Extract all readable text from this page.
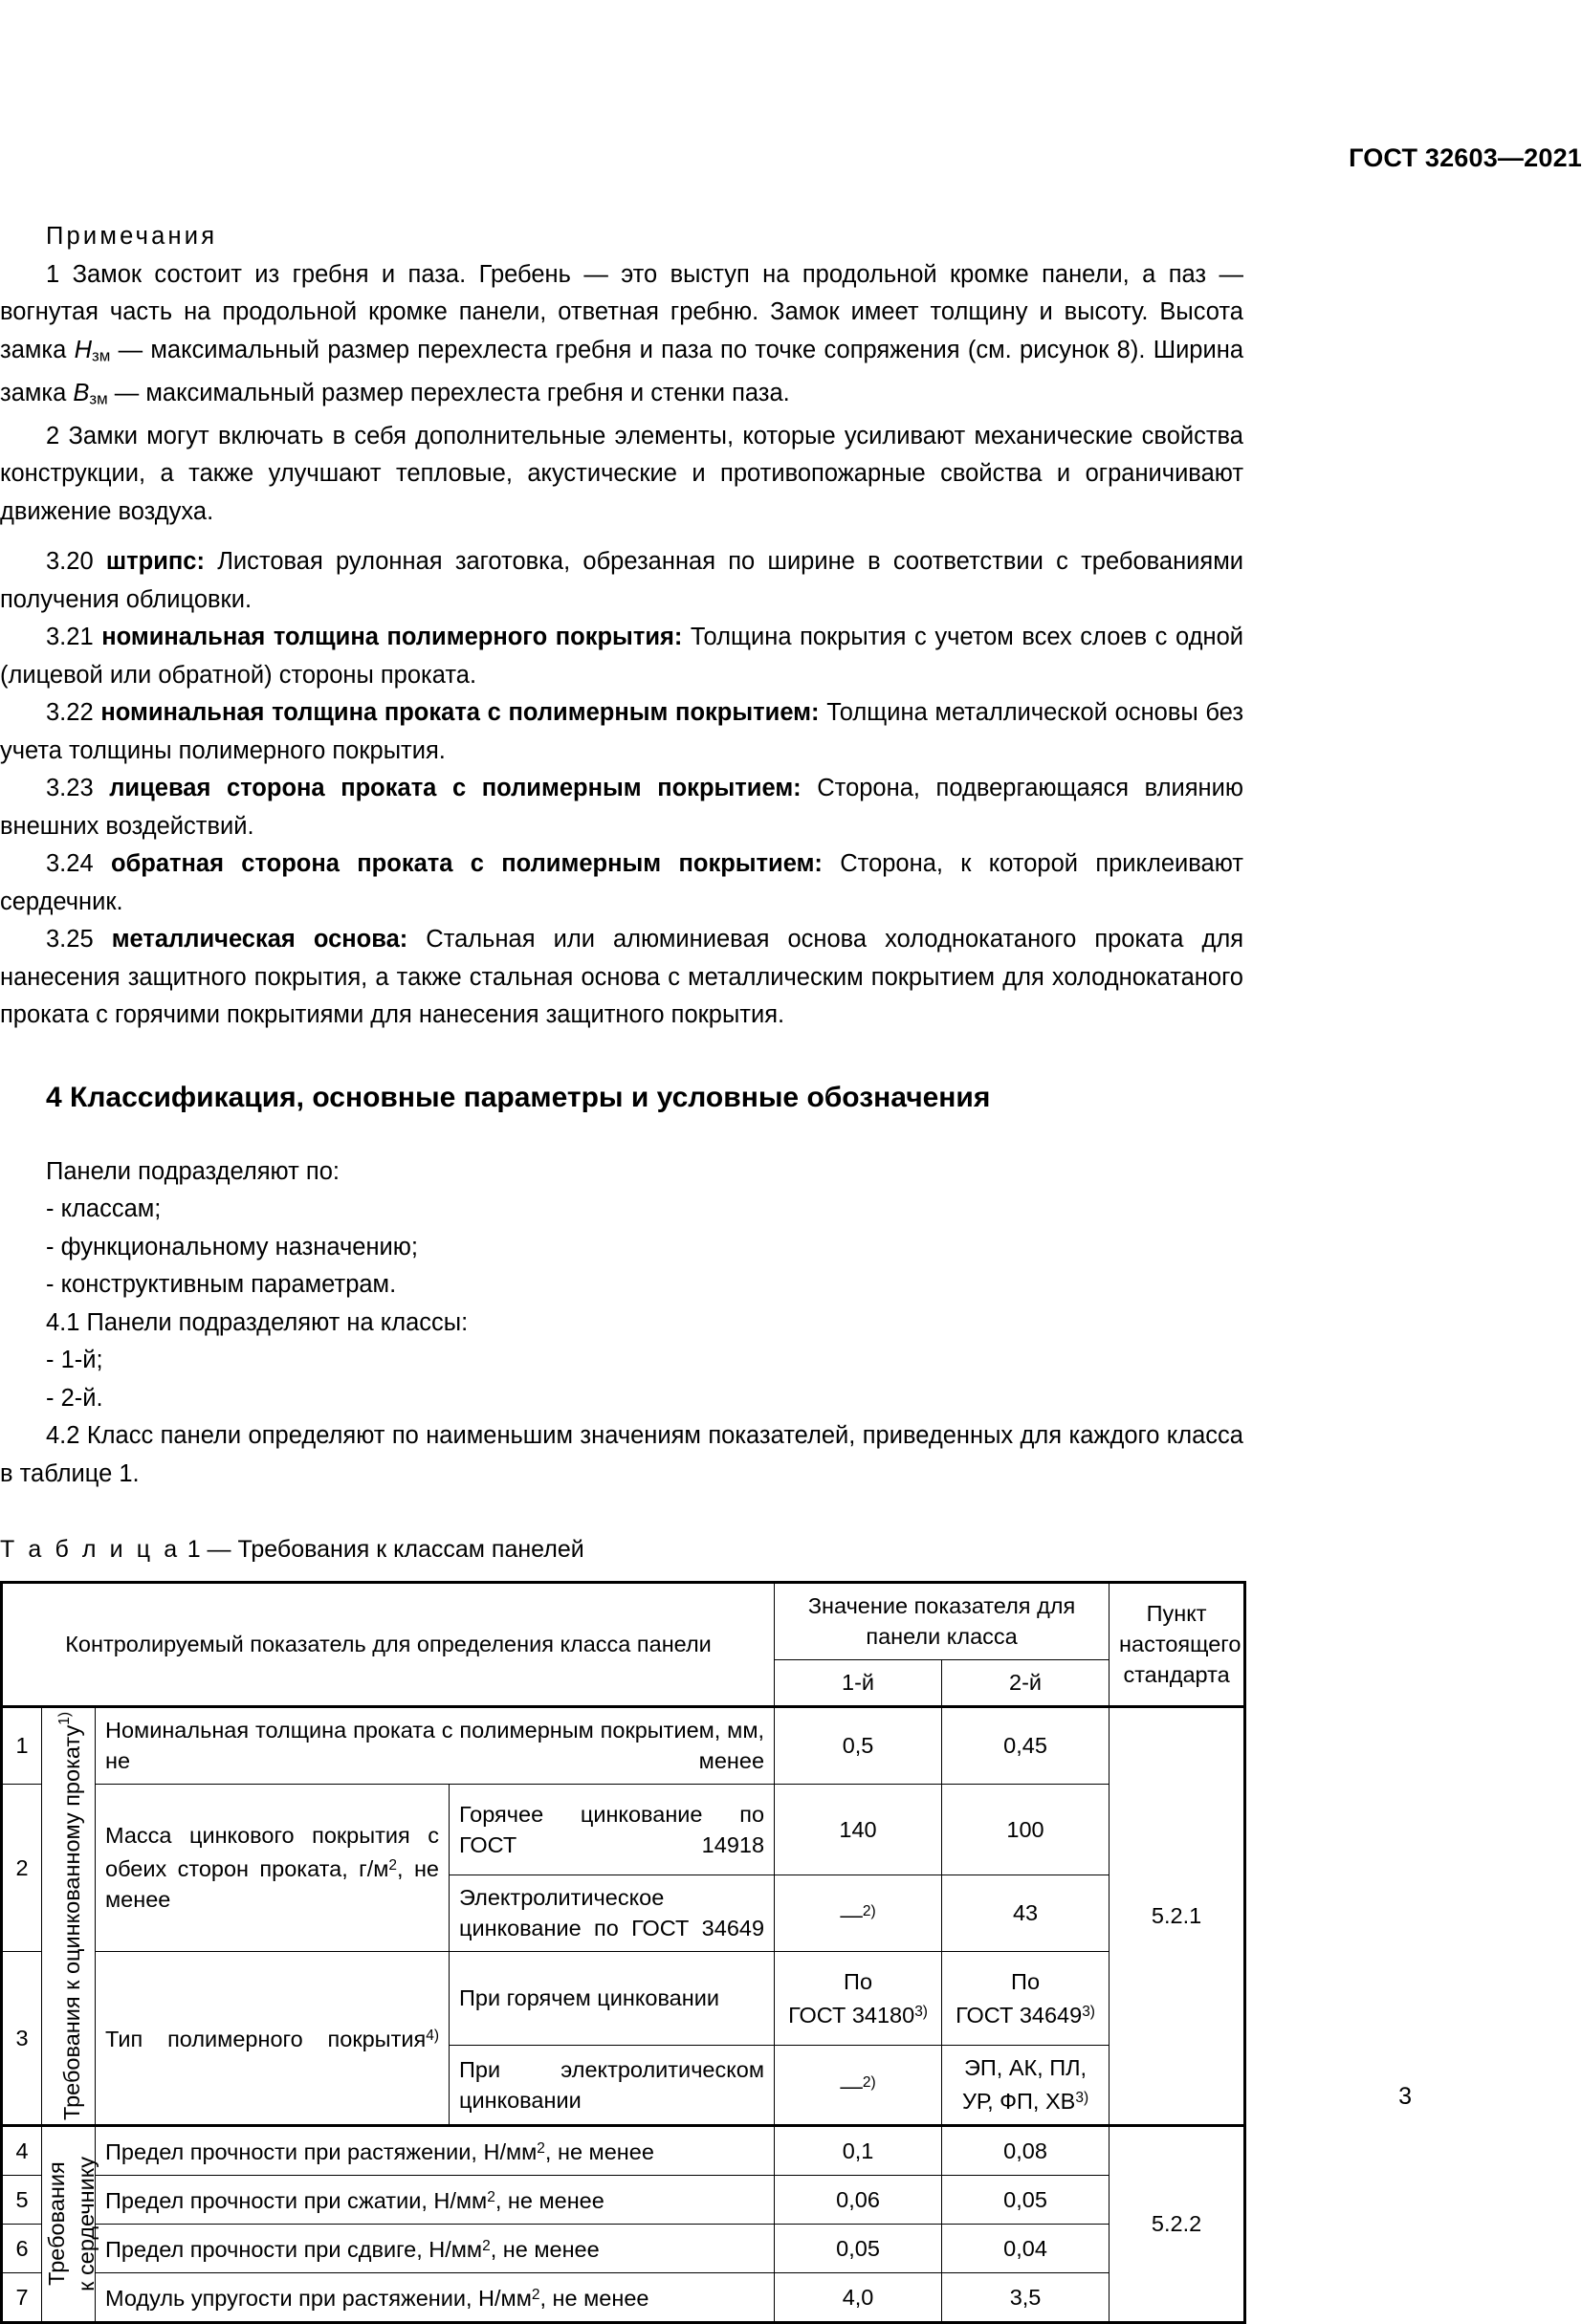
ГОСТ 32603—2021

Примечания

1 Замок состоит из гребня и паза. Гребень — это выступ на продольной кромке панели, а паз — вогнутая часть на продольной кромке панели, ответная гребню. Замок имеет толщину и высоту. Высота замка $H_{зм}$ — максимальный размер перехлеста гребня и паза по точке сопряжения (см. рисунок 8). Ширина замка $B_{зм}$ — максимальный размер перехлеста гребня и стенки паза.

2 Замки могут включать в себя дополнительные элементы, которые усиливают механические свойства конструкции, а также улучшают тепловые, акустические и противопожарные свойства и ограничивают движение воздуха.

3.20 штрипс: Листовая рулонная заготовка, обрезанная по ширине в соответствии с требованиями получения облицовки.

3.21 номинальная толщина полимерного покрытия: Толщина покрытия с учетом всех слоев с одной (лицевой или обратной) стороны проката.

3.22 номинальная толщина проката с полимерным покрытием: Толщина металлической основы без учета толщины полимерного покрытия.

3.23 лицевая сторона проката с полимерным покрытием: Сторона, подвергающаяся влиянию внешних воздействий.

3.24 обратная сторона проката с полимерным покрытием: Сторона, к которой приклеивают сердечник.

3.25 металлическая основа: Стальная или алюминиевая основа холоднокатаного проката для нанесения защитного покрытия, а также стальная основа с металлическим покрытием для холоднокатаного проката с горячими покрытиями для нанесения защитного покрытия.

4 Классификация, основные параметры и условные обозначения

Панели подразделяют по:

- классам;

- функциональному назначению;

- конструктивным параметрам.

4.1 Панели подразделяют на классы:

- 1-й;

- 2-й.

4.2 Класс панели определяют по наименьшим значениям показателей, приведенных для каждого класса в таблице 1.

Т а б л и ц а 1 — Требования к классам панелей
Контролируемый показатель для определения класса панели				Значение показателя для панели класса		Пункт настоящего стандарта

				1-й	2-й	

1	Требования к оцинкованному прокату$^{1)}$	Номинальная толщина проката с полимерным покрытием, мм, не менее		0,5	0,45	5.2.1

2		Масса цинкового покрытия с обеих сторон проката, $г/м^2$, не менее	Горячее цинкование по ГОСТ 14918	140	100	

			Электролитическое цинкование по ГОСТ 34649	—$^{2)}$	43	

3		Тип полимерного покрытия$^{4)}$	При горячем цинковании	По
ГОСТ 34180$^{3)}$	По
ГОСТ 34649$^{3)}$

			При электролитическом цинковании	—$^{2)}$	ЭП, АК, ПЛ,
УР, ФП, ХВ$^{3)}$

4	Требования к сердечнику	Предел прочности при растяжении, $Н/мм^2$, не менее		0,1	0,08	5.2.2

5		Предел прочности при сжатии, $Н/мм^2$, не менее		0,06	0,05	

6		Предел прочности при сдвиге, $Н/мм^2$, не менее		0,05	0,04	

7		Модуль упругости при растяжении, $Н/мм^2$, не менее		4,0	3,5	
3
